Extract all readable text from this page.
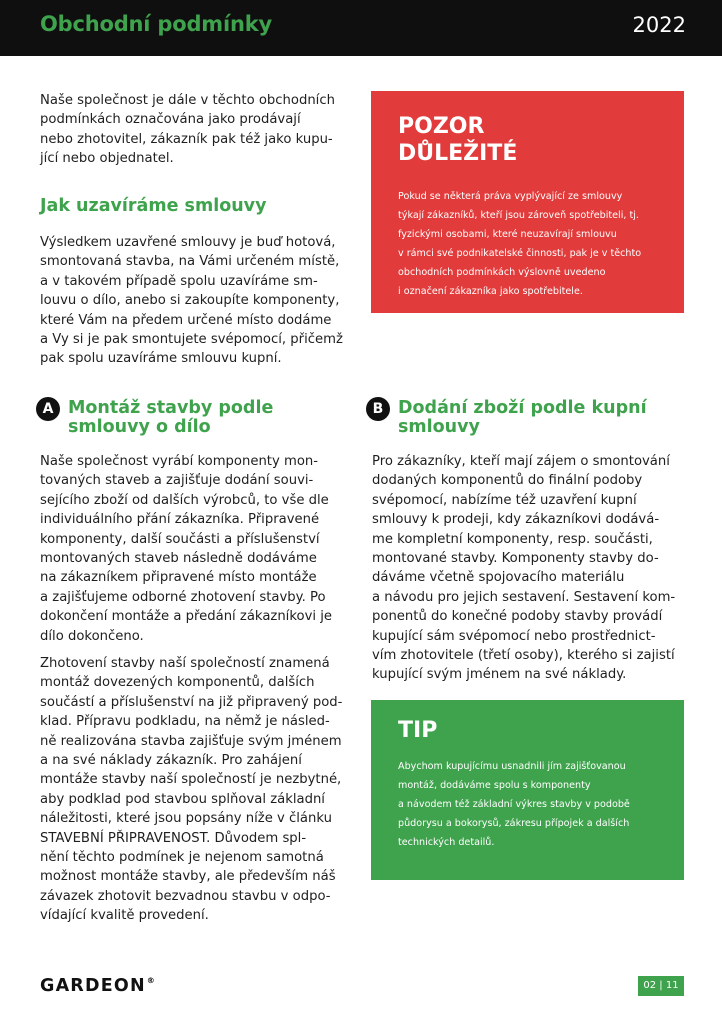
Obchodní podmínky	2022

Naše společnost je dále v těchto obchodních
podmínkách označována jako prodávají
nebo zhotovitel, zákazník pak též jako kupu-
jící nebo objednatel.

Jak uzavíráme smlouvy

Výsledkem uzavřené smlouvy je buď hotová,
smontovaná stavba, na Vámi určeném místě,
a v takovém případě spolu uzavíráme sm-
louvu o dílo, anebo si zakoupíte komponenty,
které Vám na předem určené místo dodáme
a Vy si je pak smontujete svépomocí, přičemž
pak spolu uzavíráme smlouvu kupní.

POZOR
DŮLEŽITÉ

Pokud se některá práva vyplývající ze smlouvy
týkají zákazníků, kteří jsou zároveň spotřebiteli, tj.
fyzickými osobami, které neuzavírají smlouvu
v rámci své podnikatelské činnosti, pak je v těchto
obchodních podmínkách výslovně uvedeno
i označení zákazníka jako spotřebitele.

A Montáž stavby podle
smlouvy o dílo

Naše společnost vyrábí komponenty mon-
tovaných staveb a zajišťuje dodání souvi-
sejícího zboží od dalších výrobců, to vše dle
individuálního přání zákazníka. Připravené
komponenty, další součásti a příslušenství
montovaných staveb následně dodáváme
na zákazníkem připravené místo montáže
a zajišťujeme odborné zhotovení stavby. Po
dokončení montáže a předání zákazníkovi je
dílo dokončeno.

Zhotovení stavby naší společností znamená
montáž dovezených komponentů, dalších
součástí a příslušenství na již připravený pod-
klad. Přípravu podkladu, na němž je násled-
ně realizována stavba zajišťuje svým jménem
a na své náklady zákazník. Pro zahájení
montáže stavby naší společností je nezbytné,
aby podklad pod stavbou splňoval základní
náležitosti, které jsou popsány níže v článku
STAVEBNÍ PŘIPRAVENOST. Důvodem spl-
nění těchto podmínek je nejenom samotná
možnost montáže stavby, ale především náš
závazek zhotovit bezvadnou stavbu v odpo-
vídající kvalitě provedení.

B Dodání zboží podle kupní
smlouvy

Pro zákazníky, kteří mají zájem o smontování
dodaných komponentů do finální podoby
svépomocí, nabízíme též uzavření kupní
smlouvy k prodeji, kdy zákazníkovi dodává-
me kompletní komponenty, resp. součásti,
montované stavby. Komponenty stavby do-
dáváme včetně spojovacího materiálu
a návodu pro jejich sestavení. Sestavení kom-
ponentů do konečné podoby stavby provádí
kupující sám svépomocí nebo prostřednict-
vím zhotovitele (třetí osoby), kterého si zajistí
kupující svým jménem na své náklady.

TIP

Abychom kupujícímu usnadnili jím zajišťovanou
montáž, dodáváme spolu s komponenty
a návodem též základní výkres stavby v podobě
půdorysu a bokorysů, zákresu přípojek a dalších
technických detailů.

GARDEON®	02 | 11
